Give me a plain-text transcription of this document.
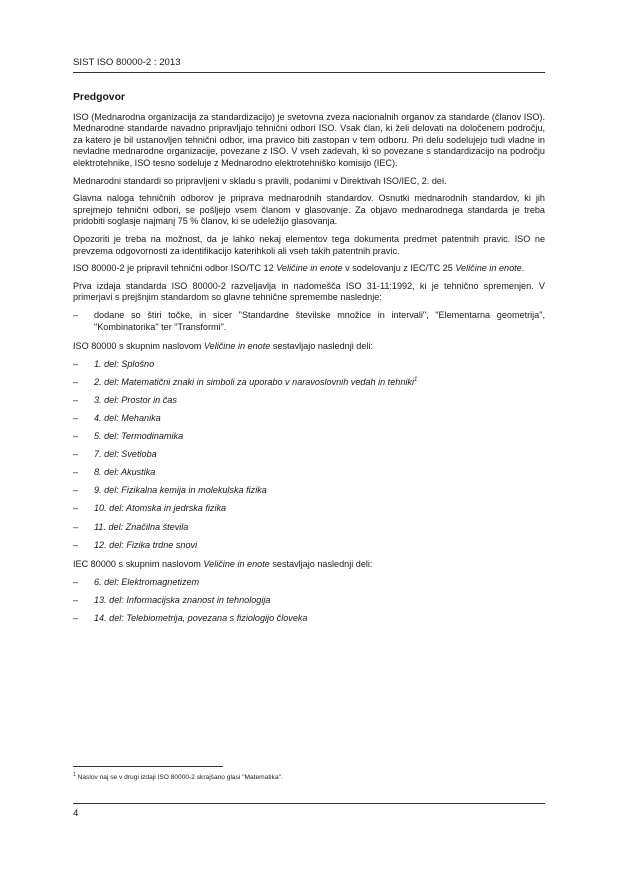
SIST ISO 80000-2 : 2013
Predgovor

ISO (Mednarodna organizacija za standardizacijo) je svetovna zveza nacionalnih organov za standarde (članov ISO). Mednarodne standarde navadno pripravljajo tehnični odbori ISO. Vsak član, ki želi delovati na določenem področju, za katero je bil ustanovljen tehnični odbor, ima pravico biti zastopan v tem odboru. Pri delu sodelujejo tudi vladne in nevladne mednarodne organizacije, povezane z ISO. V vseh zadevah, ki so povezane s standardizacijo na področju elektrotehnike, ISO tesno sodeluje z Mednarodno elektrotehniško komisijo (IEC).

Mednarodni standardi so pripravljeni v skladu s pravili, podanimi v Direktivah ISO/IEC, 2. del.

Glavna naloga tehničnih odborov je priprava mednarodnih standardov. Osnutki mednarodnih standardov, ki jih sprejmejo tehnični odbori, se pošljejo vsem članom v glasovanje. Za objavo mednarodnega standarda je treba pridobiti soglasje najmanj 75 % članov, ki se udeležijo glasovanja.

Opozoriti je treba na možnost, da je lahko nekaj elementov tega dokumenta predmet patentnih pravic. ISO ne prevzema odgovornosti za identifikacijo katerihkoli ali vseh takih patentnih pravic.

ISO 80000-2 je pripravil tehnični odbor ISO/TC 12 Veličine in enote v sodelovanju z IEC/TC 25 Veličine in enote.

Prva izdaja standarda ISO 80000-2 razveljavlja in nadomešča ISO 31-11:1992, ki je tehnično spremenjen. V primerjavi s prejšnjim standardom so glavne tehnične spremembe naslednje:

–	dodane so štiri točke, in sicer "Standardne številske množice in intervali", "Elementarna geometrija", "Kombinatorika" ter "Transformi".

ISO 80000 s skupnim naslovom Veličine in enote sestavljajo naslednji deli:

–	1. del: Splošno
–	2. del: Matematični znaki in simboli za uporabo v naravoslovnih vedah in tehniki$^1$
–	3. del: Prostor in čas
–	4. del: Mehanika
–	5. del: Termodinamika
–	7. del: Svetloba
–	8. del: Akustika
–	9. del: Fizikalna kemija in molekulska fizika
–	10. del: Atomska in jedrska fizika
–	11. del: Značilna števila
–	12. del: Fizika trdne snovi

IEC 80000 s skupnim naslovom Veličine in enote sestavljajo naslednji deli:

–	6. del: Elektromagnetizem
–	13. del: Informacijska znanost in tehnologija
–	14. del: Telebiometrija, povezana s fiziologijo človeka
$^1$ Naslov naj se v drugi izdaji ISO 80000-2 skrajšano glasi "Matematika".
4
